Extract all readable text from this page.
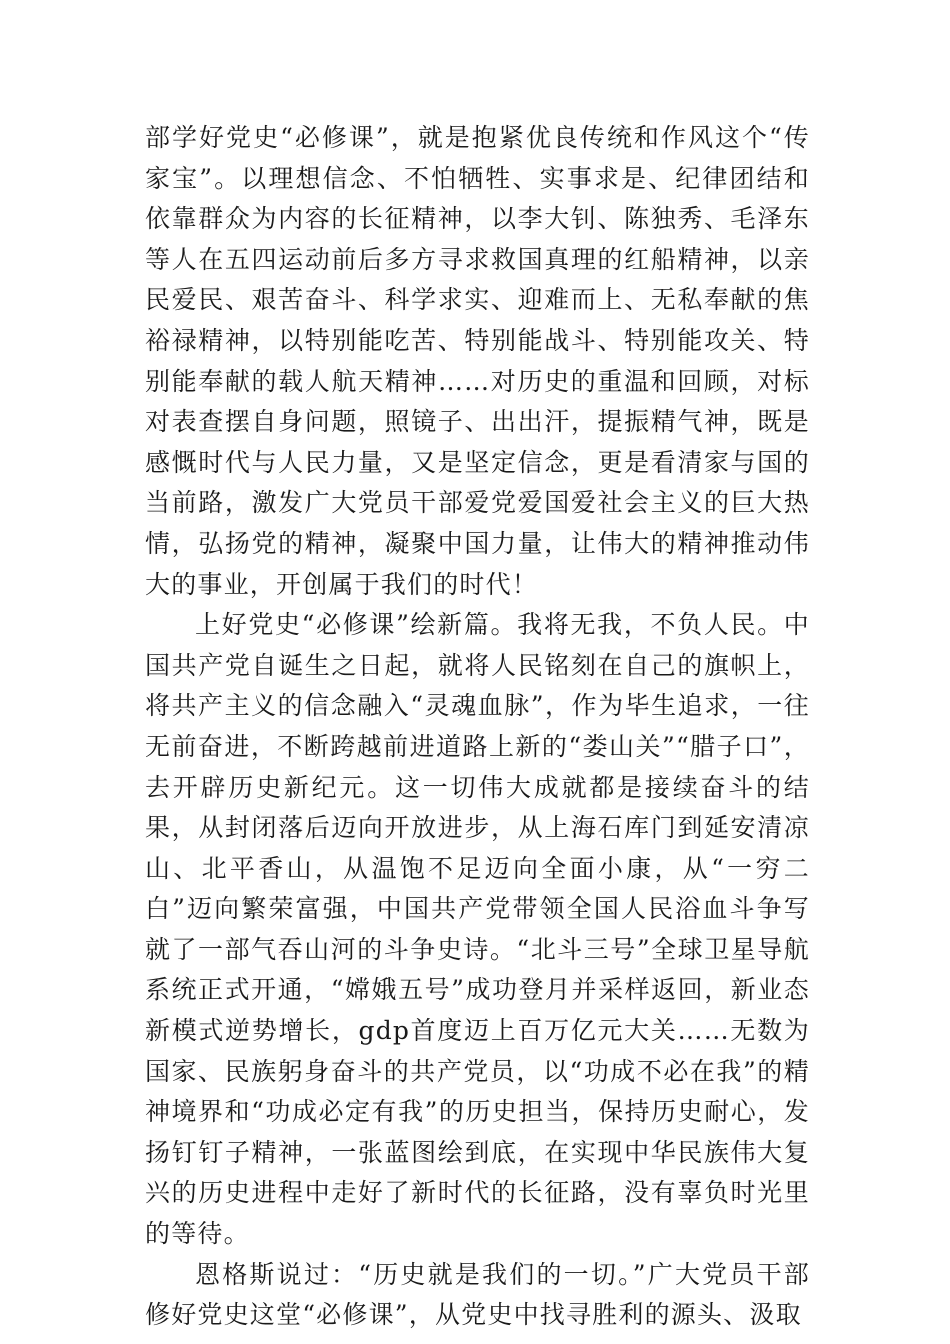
部学好党史“必修课”，就是抱紧优良传统和作风这个“传家宝”。以理想信念、不怕牺牲、实事求是、纪律团结和依靠群众为内容的长征精神，以李大钊、陈独秀、毛泽东等人在五四运动前后多方寻求救国真理的红船精神，以亲民爱民、艰苦奋斗、科学求实、迎难而上、无私奉献的焦裕禄精神，以特别能吃苦、特别能战斗、特别能攻关、特别能奉献的载人航天精神……对历史的重温和回顾，对标对表查摆自身问题，照镜子、出出汗，提振精气神，既是感慨时代与人民力量，又是坚定信念，更是看清家与国的当前路，激发广大党员干部爱党爱国爱社会主义的巨大热情，弘扬党的精神，凝聚中国力量，让伟大的精神推动伟大的事业，开创属于我们的时代！

上好党史“必修课”绘新篇。我将无我，不负人民。中国共产党自诞生之日起，就将人民铭刻在自己的旗帜上，将共产主义的信念融入“灵魂血脉”，作为毕生追求，一往无前奋进，不断跨越前进道路上新的“娄山关”“腊子口”，去开辟历史新纪元。这一切伟大成就都是接续奋斗的结果，从封闭落后迈向开放进步，从上海石库门到延安清凉山、北平香山，从温饱不足迈向全面小康，从“一穷二白”迈向繁荣富强，中国共产党带领全国人民浴血斗争写就了一部气吞山河的斗争史诗。“北斗三号”全球卫星导航系统正式开通，“嫦娥五号”成功登月并采样返回，新业态新模式逆势增长，gdp首度迈上百万亿元大关……无数为国家、民族躬身奋斗的共产党员，以“功成不必在我”的精神境界和“功成必定有我”的历史担当，保持历史耐心，发扬钉钉子精神，一张蓝图绘到底，在实现中华民族伟大复兴的历史进程中走好了新时代的长征路，没有辜负时光里的等待。

恩格斯说过：“历史就是我们的一切。”广大党员干部修好党史这堂“必修课”，从党史中找寻胜利的源头、汲取
